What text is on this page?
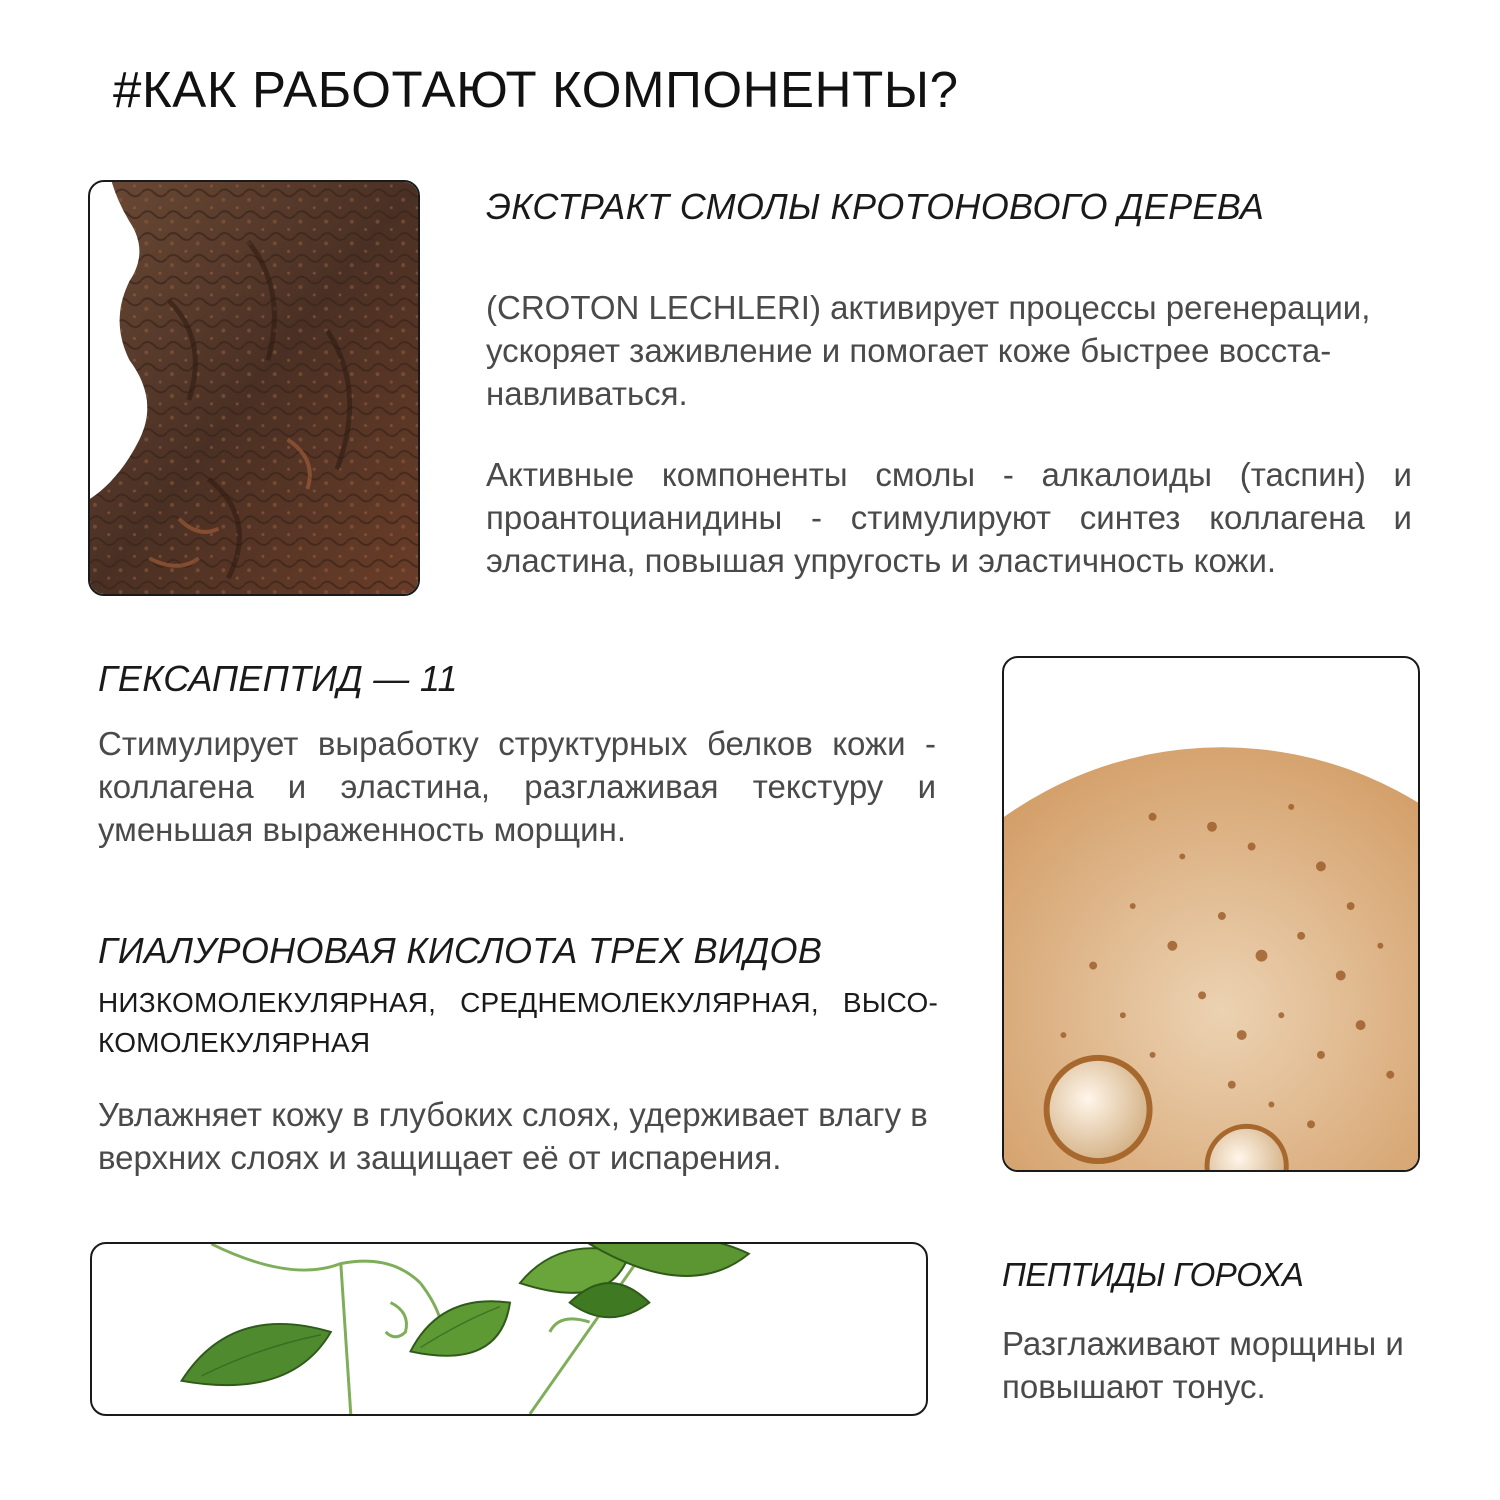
#КАК РАБОТАЮТ КОМПОНЕНТЫ?
ЭКСТРАКТ СМОЛЫ КРОТОНОВОГО ДЕРЕВА
(CROTON LECHLERI) активирует процессы регенерации, ускоряет заживление и помогает коже быстрее восста-навливаться.
Активные компоненты смолы - алкалоиды (таспин) и проантоцианидины - стимулируют синтез коллагена и эластина, повышая упругость и эластичность кожи.
ГЕКСАПЕПТИД — 11
Стимулирует выработку структурных белков кожи - коллагена и эластина, разглаживая текстуру и уменьшая выраженность морщин.
ГИАЛУРОНОВАЯ КИСЛОТА ТРЕХ ВИДОВ
НИЗКОМОЛЕКУЛЯРНАЯ, СРЕДНЕМОЛЕКУЛЯРНАЯ, ВЫСО-КОМОЛЕКУЛЯРНАЯ
Увлажняет кожу в глубоких слоях, удерживает влагу в верхних слоях и защищает её от испарения.
ПЕПТИДЫ ГОРОХА
Разглаживают морщины и повышают тонус.
